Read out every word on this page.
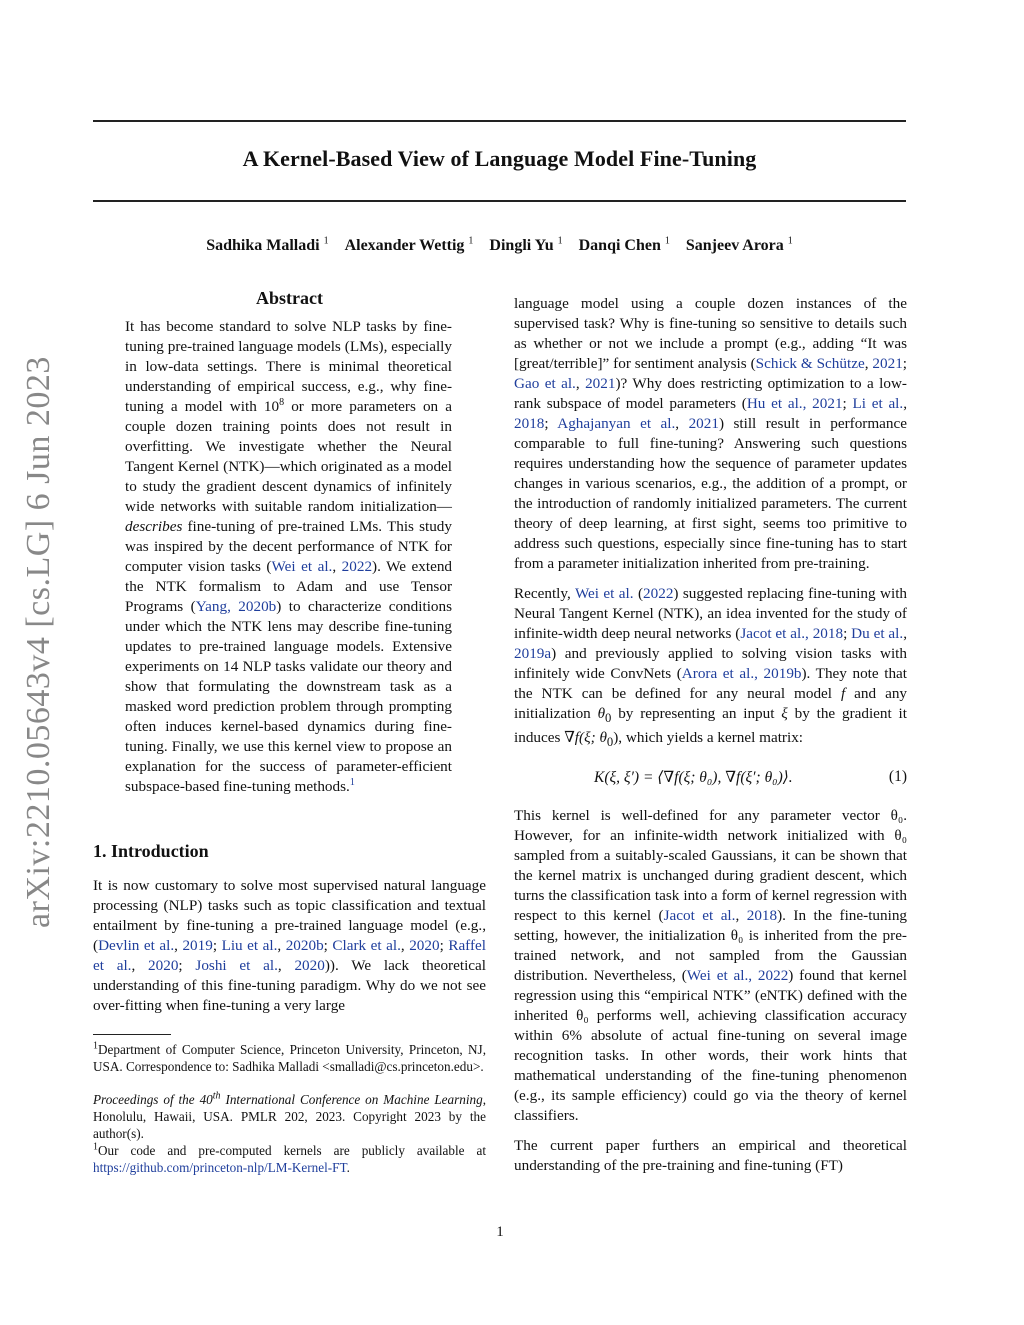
arXiv:2210.05643v4 [cs.LG] 6 Jun 2023
A Kernel-Based View of Language Model Fine-Tuning
Sadhika Malladi $^1$ Alexander Wettig $^1$ Dingli Yu $^1$ Danqi Chen $^1$ Sanjeev Arora $^1$
Abstract

It has become standard to solve NLP tasks by fine-tuning pre-trained language models (LMs), especially in low-data settings. There is minimal theoretical understanding of empirical success, e.g., why fine-tuning a model with $10^8$ or more parameters on a couple dozen training points does not result in overfitting. We investigate whether the Neural Tangent Kernel (NTK)—which originated as a model to study the gradient descent dynamics of infinitely wide networks with suitable random initialization—describes fine-tuning of pre-trained LMs. This study was inspired by the decent performance of NTK for computer vision tasks (Wei et al., 2022). We extend the NTK formalism to Adam and use Tensor Programs (Yang, 2020b) to characterize conditions under which the NTK lens may describe fine-tuning updates to pre-trained language models. Extensive experiments on 14 NLP tasks validate our theory and show that formulating the downstream task as a masked word prediction problem through prompting often induces kernel-based dynamics during fine-tuning. Finally, we use this kernel view to propose an explanation for the success of parameter-efficient subspace-based fine-tuning methods.$^1$

1. Introduction

It is now customary to solve most supervised natural language processing (NLP) tasks such as topic classification and textual entailment by fine-tuning a pre-trained language model (e.g., (Devlin et al., 2019; Liu et al., 2020b; Clark et al., 2020; Raffel et al., 2020; Joshi et al., 2020)). We lack theoretical understanding of this fine-tuning paradigm. Why do we not see over-fitting when fine-tuning a very large

$^1$Department of Computer Science, Princeton University, Princeton, NJ, USA. Correspondence to: Sadhika Malladi <smalladi@cs.princeton.edu>.

Proceedings of the 40th International Conference on Machine Learning, Honolulu, Hawaii, USA. PMLR 202, 2023. Copyright 2023 by the author(s).

$^1$Our code and pre-computed kernels are publicly available at https://github.com/princeton-nlp/LM-Kernel-FT.

language model using a couple dozen instances of the supervised task? Why is fine-tuning so sensitive to details such as whether or not we include a prompt (e.g., adding “It was [great/terrible]” for sentiment analysis (Schick & Schütze, 2021; Gao et al., 2021)? Why does restricting optimization to a low-rank subspace of model parameters (Hu et al., 2021; Li et al., 2018; Aghajanyan et al., 2021) still result in performance comparable to full fine-tuning? Answering such questions requires understanding how the sequence of parameter updates changes in various scenarios, e.g., the addition of a prompt, or the introduction of randomly initialized parameters. The current theory of deep learning, at first sight, seems too primitive to address such questions, especially since fine-tuning has to start from a parameter initialization inherited from pre-training.

Recently, Wei et al. (2022) suggested replacing fine-tuning with Neural Tangent Kernel (NTK), an idea invented for the study of infinite-width deep neural networks (Jacot et al., 2018; Du et al., 2019a) and previously applied to solving vision tasks with infinitely wide ConvNets (Arora et al., 2019b). They note that the NTK can be defined for any neural model f and any initialization $\theta_0$ by representing an input ξ by the gradient it induces ∇f(ξ; $\theta_0$), which yields a kernel matrix:

K(ξ, ξ′) = ⟨∇f(ξ; θ₀), ∇f(ξ′; θ₀)⟩.	(1)

This kernel is well-defined for any parameter vector θ₀. However, for an infinite-width network initialized with θ₀ sampled from a suitably-scaled Gaussians, it can be shown that the kernel matrix is unchanged during gradient descent, which turns the classification task into a form of kernel regression with respect to this kernel (Jacot et al., 2018). In the fine-tuning setting, however, the initialization θ₀ is inherited from the pre-trained network, and not sampled from the Gaussian distribution. Nevertheless, (Wei et al., 2022) found that kernel regression using this “empirical NTK” (eNTK) defined with the inherited θ₀ performs well, achieving classification accuracy within 6% absolute of actual fine-tuning on several image recognition tasks. In other words, their work hints that mathematical understanding of the fine-tuning phenomenon (e.g., its sample efficiency) could go via the theory of kernel classifiers.

The current paper furthers an empirical and theoretical understanding of the pre-training and fine-tuning (FT)

1
